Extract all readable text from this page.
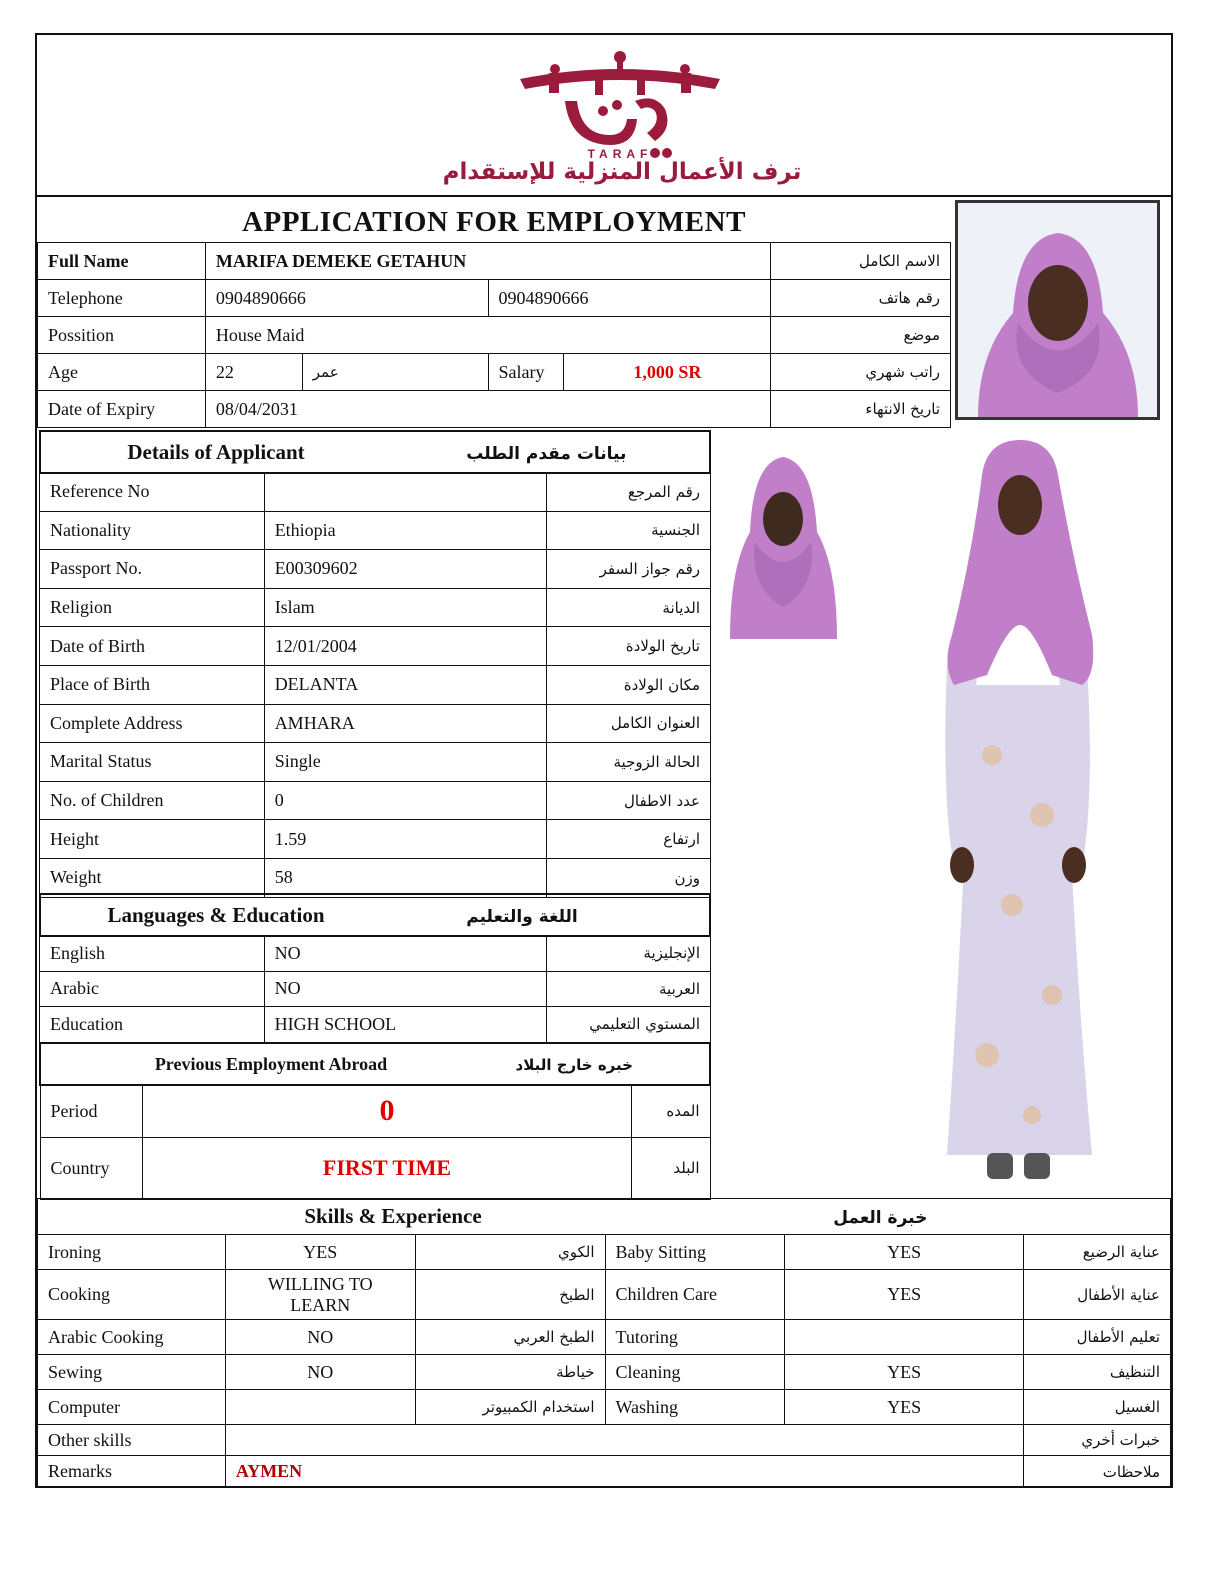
TARAF
ترف الأعمال المنزلية للإستقدام
APPLICATION FOR EMPLOYMENT
Full Name	MARIFA DEMEKE GETAHUN				الاسم الكامل
Telephone	0904890666		0904890666		رقم هاتف
Possition	House Maid				موضع
Age	22	عمر	Salary	1,000 SR	راتب شهري
Date of Expiry	08/04/2031				تاريخ الانتهاء
Details of Applicant	بيانات مقدم الطلب
Reference No		رقم المرجع
Nationality	Ethiopia	الجنسية
Passport No.	E00309602	رقم جواز السفر
Religion	Islam	الديانة
Date of Birth	12/01/2004	تاريخ الولادة
Place of Birth	DELANTA	مكان الولادة
Complete Address	AMHARA	العنوان الكامل
Marital Status	Single	الحالة الزوجية
No. of Children	0	عدد الاطفال
Height	1.59	ارتفاع
Weight	58	وزن
Languages & Education	اللغة والتعليم
English	NO	الإنجليزية
Arabic	NO	العربية
Education	HIGH SCHOOL	المستوي التعليمي
Previous Employment Abroad خبره خارج البلاد		
Period	0	المده
Country	FIRST TIME	البلد
Skills & Experience خبرة العمل					
Ironing	YES	الكوي	Baby Sitting	YES	عناية الرضيع
Cooking	WILLING TO LEARN	الطبخ	Children Care	YES	عناية الأطفال
Arabic Cooking	NO	الطبخ العربي	Tutoring		تعليم الأطفال
Sewing	NO	خياطة	Cleaning	YES	التنظيف
Computer		استخدام الكمبيوتر	Washing	YES	الغسيل
Other skills					خبرات أخري
Remarks	AYMEN				ملاحظات
